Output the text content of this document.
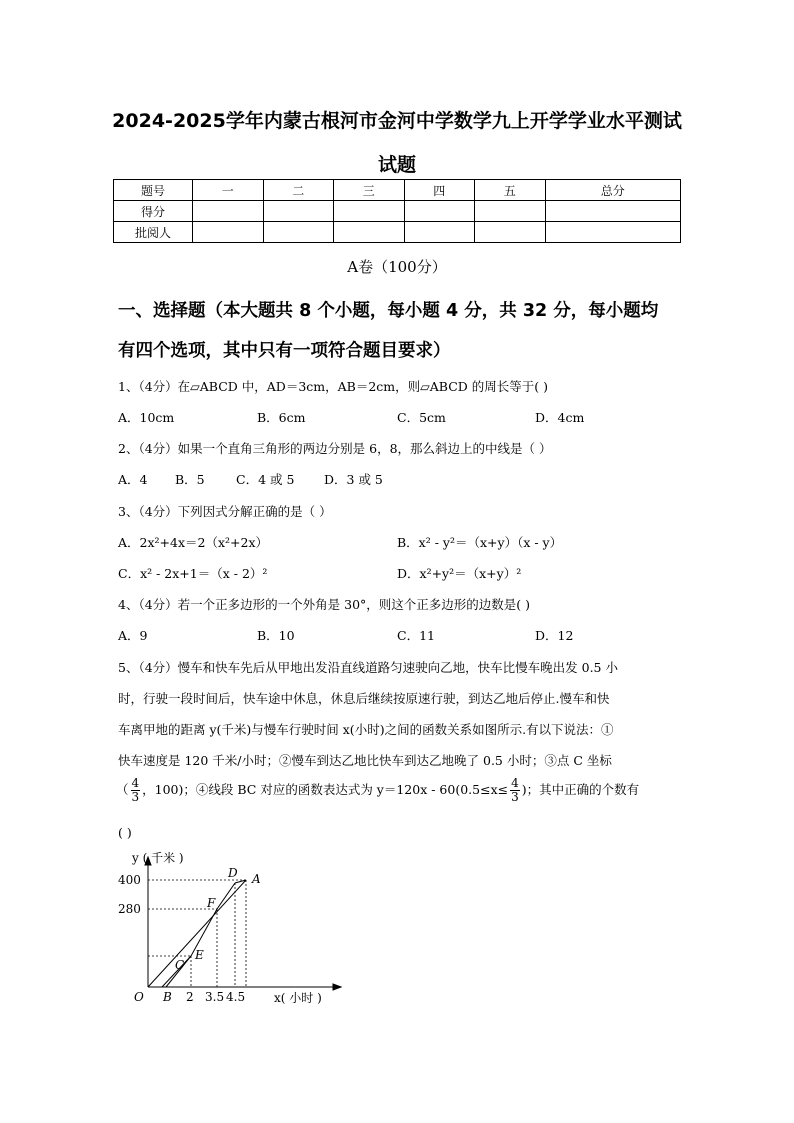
2024-2025学年内蒙古根河市金河中学数学九上开学学业水平测试
试题
题号	一	二	三	四	五	总分
得分						
批阅人						
A卷（100分）
一、选择题（本大题共 8 个小题，每小题 4 分，共 32 分，每小题均
有四个选项，其中只有一项符合题目要求）
1、（4分）在▱ABCD 中，AD＝3cm，AB＝2cm，则▱ABCD 的周长等于( )
A．10cm	B．6cm	C．5cm	D．4cm
2、（4分）如果一个直角三角形的两边分别是 6，8，那么斜边上的中线是（ ）
A．4 B．5	C．4 或 5 D．3 或 5
3、（4分）下列因式分解正确的是（ ）
A．2x²+4x＝2（x²+2x）	B．x² - y²＝（x+y）（x - y）
C．x² - 2x+1＝（x - 2）²	D．x²+y²＝（x+y）²
4、（4分）若一个正多边形的一个外角是 30°，则这个正多边形的边数是( )
A．9	B．10	C．11	D．12
5、（4分）慢车和快车先后从甲地出发沿直线道路匀速驶向乙地，快车比慢车晚出发 0.5 小
时，行驶一段时间后，快车途中休息，休息后继续按原速行驶，到达乙地后停止.慢车和快
车离甲地的距离 y(千米)与慢车行驶时间 x(小时)之间的函数关系如图所示.有以下说法：①
快车速度是 120 千米/小时；②慢车到达乙地比快车到达乙地晚了 0.5 小时；③点 C 坐标
（ $\frac{4}{3}$ ，100)；④线段 BC 对应的函数表达式为 $y=120x - 60(0.5\le x\le \frac{4}{3}$ )；其中正确的个数有
( )
y ( 千米 )
x( 小时 )
400
280
2 3.5 4.5
O
A
B
C
D
E
F
